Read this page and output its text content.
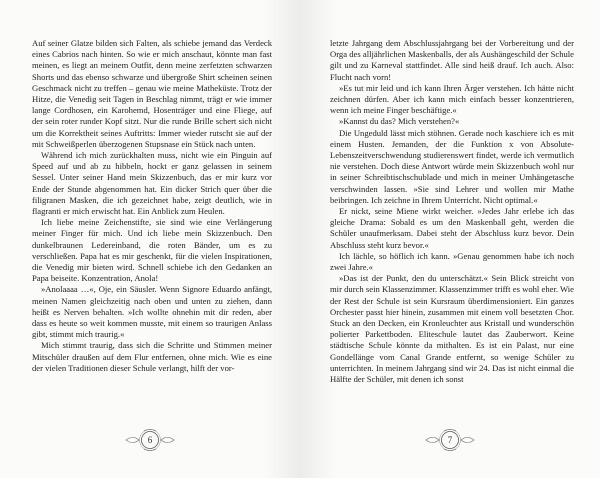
Auf seiner Glatze bilden sich Falten, als schiebe jemand das Verdeck eines Cabrios nach hinten. So wie er mich anschaut, könnte man fast meinen, es liegt an meinem Outfit, denn meine zerfetzten schwarzen Shorts und das ebenso schwarze und übergroße Shirt scheinen seinen Geschmack nicht zu treffen – genau wie meine Matheküste. Trotz der Hitze, die Venedig seit Tagen in Beschlag nimmt, trägt er wie immer lange Cordhosen, ein Karohemd, Hosenträger und eine Fliege, auf der sein roter runder Kopf sitzt. Nur die runde Brille schert sich nicht um die Korrektheit seines Auftritts: Immer wieder rutscht sie auf der mit Schweißperlen überzogenen Stupsnase ein Stück nach unten.

Während ich mich zurückhalten muss, nicht wie ein Pinguin auf Speed auf und ab zu hibbeln, hockt er ganz gelassen in seinem Sessel. Unter seiner Hand mein Skizzenbuch, das er mir kurz vor Ende der Stunde abgenommen hat. Ein dicker Strich quer über die filigranen Masken, die ich gezeichnet habe, zeigt deutlich, wie in flagranti er mich erwischt hat. Ein Anblick zum Heulen.

Ich liebe meine Zeichenstifte, sie sind wie eine Verlängerung meiner Finger für mich. Und ich liebe mein Skizzenbuch. Den dunkelbraunen Ledereinband, die roten Bänder, um es zu verschließen. Papa hat es mir geschenkt, für die vielen Inspirationen, die Venedig mir bieten wird. Schnell schiebe ich den Gedanken an Papa beiseite. Konzentration, Anola!

»Anolaaaa …«, Oje, ein Säusler. Wenn Signore Eduardo anfängt, meinen Namen gleichzeitig nach oben und unten zu ziehen, dann heißt es Nerven behalten. »Ich wollte ohnehin mit dir reden, aber dass es heute so weit kommen musste, mit einem so traurigen Anlass gibt, stimmt mich traurig.«

Mich stimmt traurig, dass sich die Schritte und Stimmen meiner Mitschüler draußen auf dem Flur entfernen, ohne mich. Wie es eine der vielen Traditionen dieser Schule verlangt, hilft der vor-

6

letzte Jahrgang dem Abschlussjahrgang bei der Vorbereitung und der Orga des alljährlichen Maskenballs, der als Aushängeschild der Schule gilt und zu Karneval stattfindet. Alle sind heiß drauf. Ich auch. Also: Flucht nach vorn!

»Es tut mir leid und ich kann Ihren Ärger verstehen. Ich hätte nicht zeichnen dürfen. Aber ich kann mich einfach besser konzentrieren, wenn ich meine Finger beschäftige.«

»Kannst du das? Mich verstehen?«

Die Ungeduld lässt mich stöhnen. Gerade noch kaschiere ich es mit einem Husten. Jemanden, der die Funktion x von Absolute-Lebenszeitverschwendung studierenswert findet, werde ich vermutlich nie verstehen. Doch diese Antwort würde mein Skizzenbuch wohl nur in seiner Schreibtischschublade und mich in meiner Umhängetasche verschwinden lassen. »Sie sind Lehrer und wollen mir Mathe beibringen. Ich zeichne in Ihrem Unterricht. Nicht optimal.«

Er nickt, seine Miene wirkt weicher. »Jedes Jahr erlebe ich das gleiche Drama: Sobald es um den Maskenball geht, werden die Schüler unaufmerksam. Dabei steht der Abschluss kurz bevor. Dein Abschluss steht kurz bevor.«

Ich lächle, so höflich ich kann. »Genau genommen habe ich noch zwei Jahre.«

»Das ist der Punkt, den du unterschätzt.« Sein Blick streicht von mir durch sein Klassenzimmer. Klassenzimmer trifft es wohl eher. Wie der Rest der Schule ist sein Kursraum überdimensioniert. Ein ganzes Orchester passt hier hinein, zusammen mit einem voll besetzten Chor. Stuck an den Decken, ein Kronleuchter aus Kristall und wunderschön polierter Parkettboden. Eliteschule lautet das Zauberwort. Keine städtische Schule könnte da mithalten. Es ist ein Palast, nur eine Gondellänge vom Canal Grande entfernt, so wenige Schüler zu unterrichten. In meinem Jahrgang sind wir 24. Das ist nicht einmal die Hälfte der Schüler, mit denen ich sonst

7
